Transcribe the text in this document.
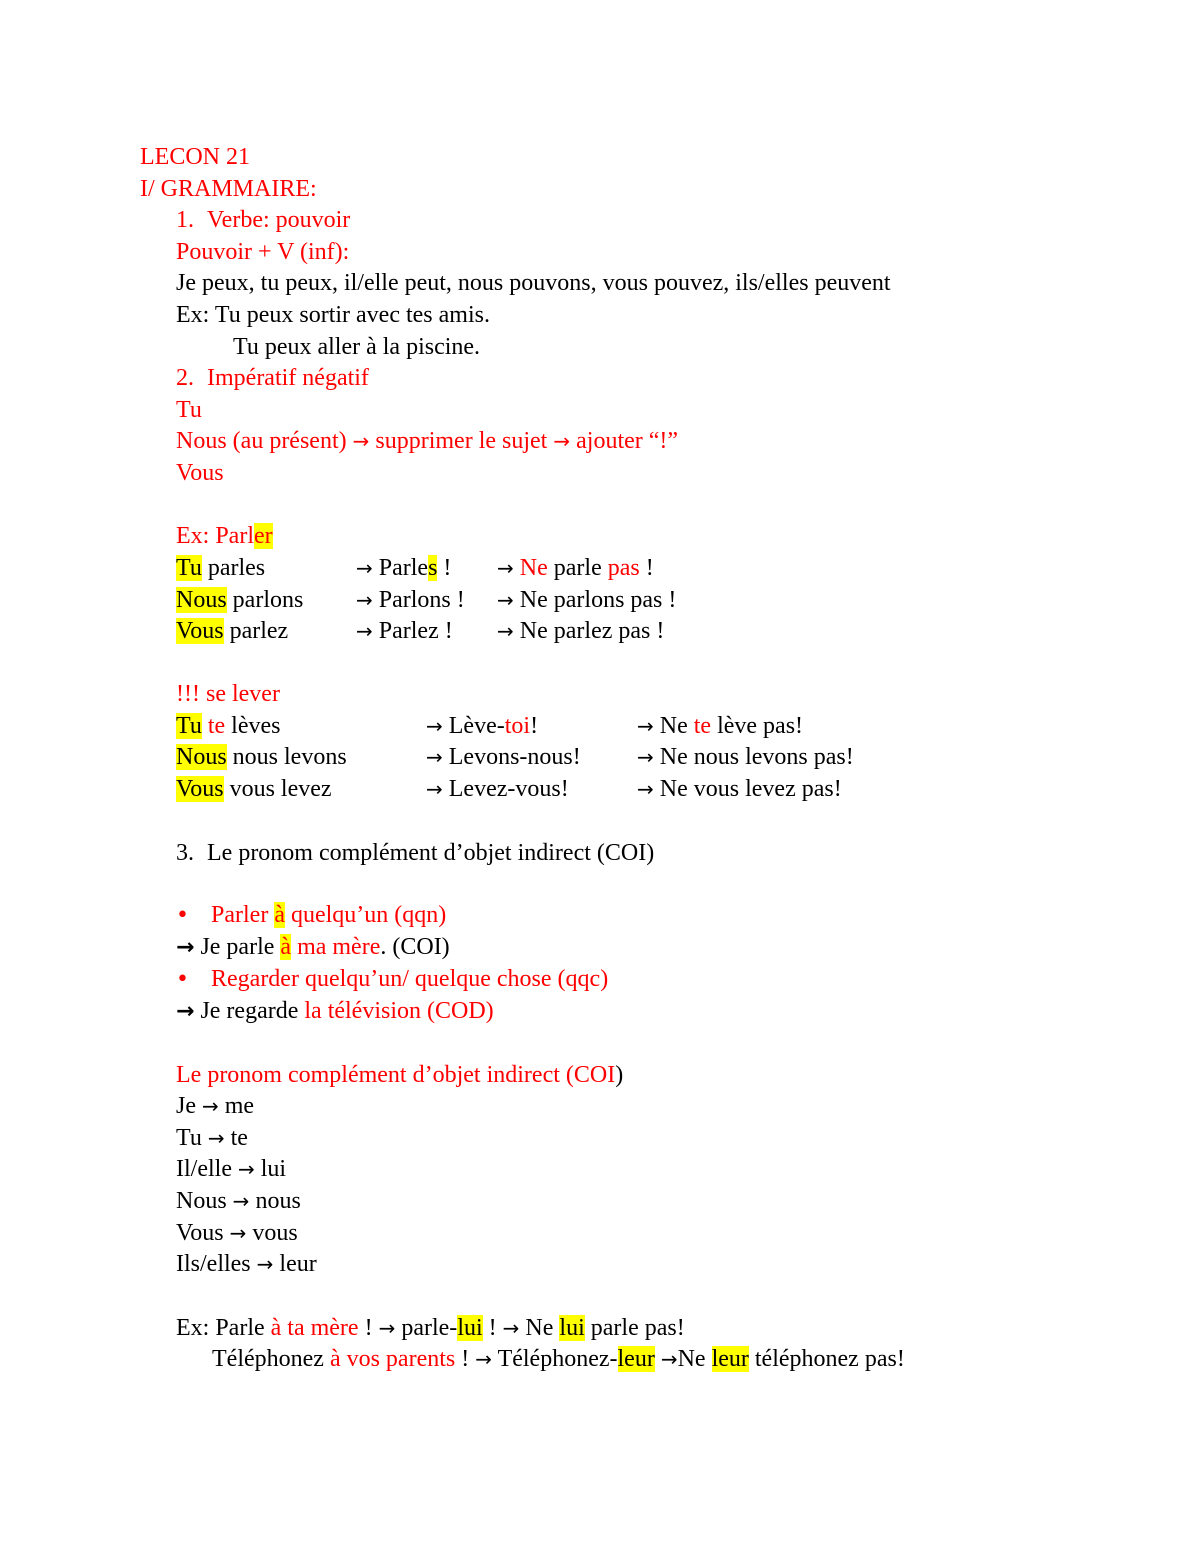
LECON 21
I/ GRAMMAIRE:
1. Verbe: pouvoir
Pouvoir + V (inf):
Je peux, tu peux, il/elle peut, nous pouvons, vous pouvez, ils/elles peuvent
Ex: Tu peux sortir avec tes amis.
Tu peux aller à la piscine.
2. Impératif négatif
Tu
Nous (au présent) → supprimer le sujet → ajouter “!”
Vous
Ex: Parler
Tu parles
Nous parlons
Vous parlez
→ Parles !
→ Parlons !
→ Parlez !
→ Ne parle pas !
→ Ne parlons pas !
→ Ne parlez pas !
!!! se lever
Tu te lèves
Nous nous levons
Vous vous levez
→ Lève-toi!
→ Levons-nous!
→ Levez-vous!
→ Ne te lève pas!
→ Ne nous levons pas!
→ Ne vous levez pas!
3. Le pronom complément d’objet indirect (COI)
• Parler à quelqu’un (qqn)
→ Je parle à ma mère. (COI)
• Regarder quelqu’un/ quelque chose (qqc)
→ Je regarde la télévision (COD)
Le pronom complément d’objet indirect (COI)
Je → me
Tu → te
Il/elle → lui
Nous → nous
Vous → vous
Ils/elles → leur
Ex: Parle à ta mère ! → parle-lui ! → Ne lui parle pas!
Téléphonez à vos parents ! → Téléphonez-leur →Ne leur téléphonez pas!
